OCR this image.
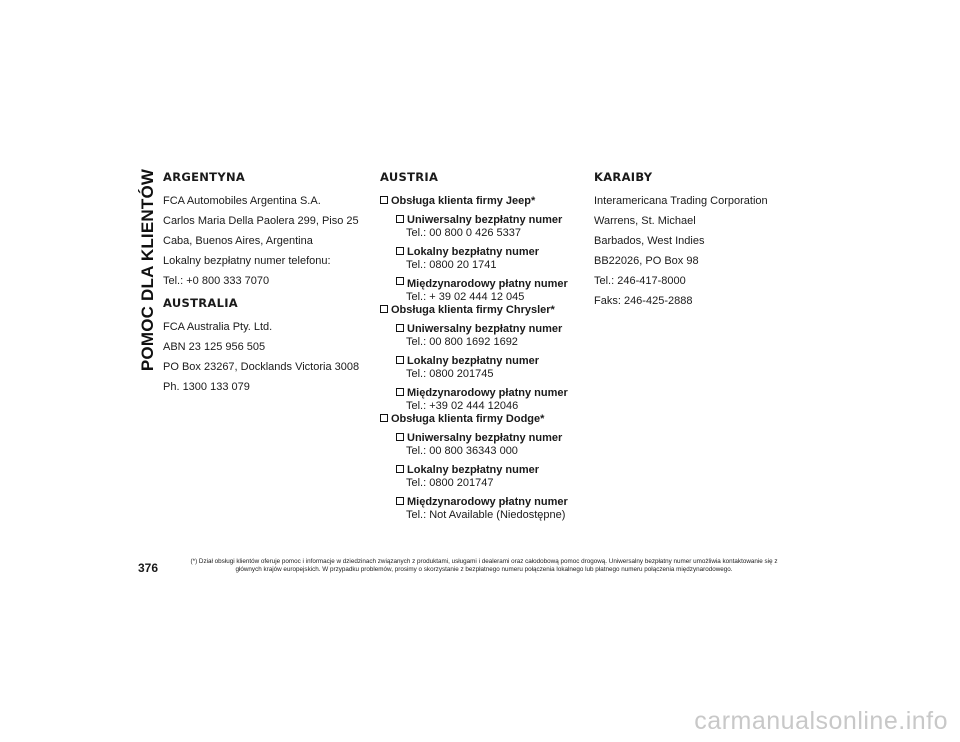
POMOC DLA KLIENTÓW ARGENTYNA
FCA Automobiles Argentina S.A.
Carlos Maria Della Paolera 299, Piso 25
Caba, Buenos Aires, Argentina
Lokalny bezpłatny numer telefonu:
Tel.: +0 800 333 7070
AUSTRALIA
FCA Australia Pty. Ltd.
ABN 23 125 956 505
PO Box 23267, Docklands Victoria 3008
Ph. 1300 133 079
AUSTRIA
Obsługa klienta firmy Jeep*
Uniwersalny bezpłatny numer
Tel.: 00 800 0 426 5337
Lokalny bezpłatny numer
Tel.: 0800 20 1741
Międzynarodowy płatny numer
Tel.: + 39 02 444 12 045
Obsługa klienta firmy Chrysler*
Uniwersalny bezpłatny numer
Tel.: 00 800 1692 1692
Lokalny bezpłatny numer
Tel.: 0800 201745
Międzynarodowy płatny numer
Tel.: +39 02 444 12046
Obsługa klienta firmy Dodge*
Uniwersalny bezpłatny numer
Tel.: 00 800 36343 000
Lokalny bezpłatny numer
Tel.: 0800 201747
Międzynarodowy płatny numer
Tel.: Not Available (Niedostępne)
KARAIBY
Interamericana Trading Corporation
Warrens, St. Michael
Barbados, West Indies
BB22026, PO Box 98
Tel.: 246-417-8000
Faks: 246-425-2888
376	(*) Dział obsługi klientów oferuje pomoc i informacje w dziedzinach związanych z produktami, usługami i dealerami oraz całodobową pomoc drogową. Uniwersalny bezpłatny numer umożliwia kontaktowanie się z głównych krajów europejskich. W przypadku problemów, prosimy o skorzystanie z bezpłatnego numeru połączenia lokalnego lub płatnego numeru połączenia międzynarodowego.
carmanualsonline.info
